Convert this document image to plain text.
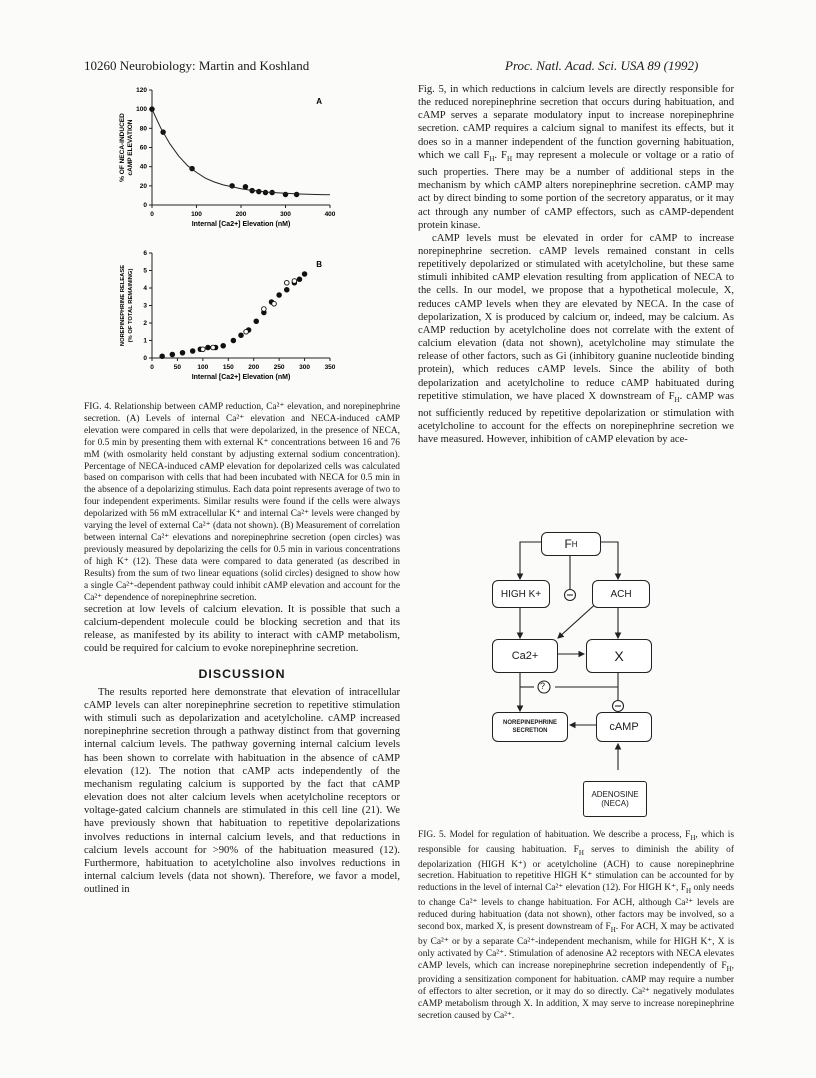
10260 Neurobiology: Martin and Koshland	Proc. Natl. Acad. Sci. USA 89 (1992)
0	100	200	300	400
0
20
40
60
80
100
120
Internal [Ca2+] Elevation (nM)
% OF NECA-INDUCEDcAMP ELEVATION
A
0	50	100 150 200 250 300 350
0
1
2
3
4
5
6
Internal [Ca2+] Elevation (nM)
NOREPINEPHRINE RELEASE (% OF TOTAL REMAINING)
B
FIG. 4. Relationship between cAMP reduction, Ca²⁺ elevation, and norepinephrine secretion. (A) Levels of internal Ca²⁺ elevation and NECA-induced cAMP elevation were compared in cells that were depolarized, in the presence of NECA, for 0.5 min by presenting them with external K⁺ concentrations between 16 and 76 mM (with osmolarity held constant by adjusting external sodium concentration). Percentage of NECA-induced cAMP elevation for depolarized cells was calculated based on comparison with cells that had been incubated with NECA for 0.5 min in the absence of a depolarizing stimulus. Each data point represents average of two to four independent experiments. Similar results were found if the cells were always depolarized with 56 mM extracellular K⁺ and internal Ca²⁺ levels were changed by varying the level of external Ca²⁺ (data not shown). (B) Measurement of correlation between internal Ca²⁺ elevations and norepinephrine secretion (open circles) was previously measured by depolarizing the cells for 0.5 min in various concentrations of high K⁺ (12). These data were compared to data generated (as described in Results) from the sum of two linear equations (solid circles) designed to show how a single Ca²⁺-dependent pathway could inhibit cAMP elevation and account for the Ca²⁺ dependence of norepinephrine secretion.

secretion at low levels of calcium elevation. It is possible that such a calcium-dependent molecule could be blocking secretion and that its release, as manifested by its ability to interact with cAMP metabolism, could be required for calcium to evoke norepinephrine secretion.

DISCUSSION

The results reported here demonstrate that elevation of intracellular cAMP levels can alter norepinephrine secretion to repetitive stimulation with stimuli such as depolarization and acetylcholine. cAMP increased norepinephrine secretion through a pathway distinct from that governing internal calcium levels. The pathway governing internal calcium levels has been shown to correlate with habituation in the absence of cAMP elevation (12). The notion that cAMP acts independently of the mechanism regulating calcium is supported by the fact that cAMP elevation does not alter calcium levels when acetylcholine receptors or voltage-gated calcium channels are stimulated in this cell line (21). We have previously shown that habituation to repetitive depolarizations involves reductions in internal calcium levels, and that reductions in calcium levels account for >90% of the habituation measured (12). Furthermore, habituation to acetylcholine also involves reductions in internal calcium levels (data not shown). Therefore, we favor a model, outlined in

Fig. 5, in which reductions in calcium levels are directly responsible for the reduced norepinephrine secretion that occurs during habituation, and cAMP serves a separate modulatory input to increase norepinephrine secretion. cAMP requires a calcium signal to manifest its effects, but it does so in a manner independent of the function governing habituation, which we call $F_H$. $F_H$ may represent a molecule or voltage or a ratio of such properties. There may be a number of additional steps in the mechanism by which cAMP alters norepinephrine secretion. cAMP may act by direct binding to some portion of the secretory apparatus, or it may act through any number of cAMP effectors, such as cAMP-dependent protein kinase.

cAMP levels must be elevated in order for cAMP to increase norepinephrine secretion. cAMP levels remained constant in cells repetitively depolarized or stimulated with acetylcholine, but these same stimuli inhibited cAMP elevation resulting from application of NECA to the cells. In our model, we propose that a hypothetical molecule, X, reduces cAMP levels when they are elevated by NECA. In the case of depolarization, X is produced by calcium or, indeed, may be calcium. As cAMP reduction by acetylcholine does not correlate with the extent of calcium elevation (data not shown), acetylcholine may stimulate the release of other factors, such as Gi (inhibitory guanine nucleotide binding protein), which reduces cAMP levels. Since the ability of both depolarization and acetylcholine to reduce cAMP habituated during repetitive stimulation, we have placed X downstream of $F_H$. cAMP was not sufficiently reduced by repetitive depolarization or stimulation with acetylcholine to account for the effects on norepinephrine secretion we have measured. However, inhibition of cAMP elevation by ace-

?
F H
HIGH K+	ACH
Ca2+	X
NOREPINEPHRINE SECRETION	cAMP
ADENOSINE
(NECA)
FIG. 5. Model for regulation of habituation. We describe a process, $F_H$, which is responsible for causing habituation. $F_H$ serves to diminish the ability of depolarization (HIGH K⁺) or acetylcholine (ACH) to cause norepinephrine secretion. Habituation to repetitive HIGH K⁺ stimulation can be accounted for by reductions in the level of internal Ca²⁺ elevation (12). For HIGH K⁺, $F_H$ only needs to change Ca²⁺ levels to change habituation. For ACH, although Ca²⁺ levels are reduced during habituation (data not shown), other factors may be involved, so a second box, marked X, is present downstream of $F_H$. For ACH, X may be activated by Ca²⁺ or by a separate Ca²⁺-independent mechanism, while for HIGH K⁺, X is only activated by Ca²⁺. Stimulation of adenosine A2 receptors with NECA elevates cAMP levels, which can increase norepinephrine secretion independently of $F_H$, providing a sensitization component for habituation. cAMP may require a number of effectors to alter secretion, or it may do so directly. Ca²⁺ negatively modulates cAMP metabolism through X. In addition, X may serve to increase norepinephrine secretion caused by Ca²⁺.
